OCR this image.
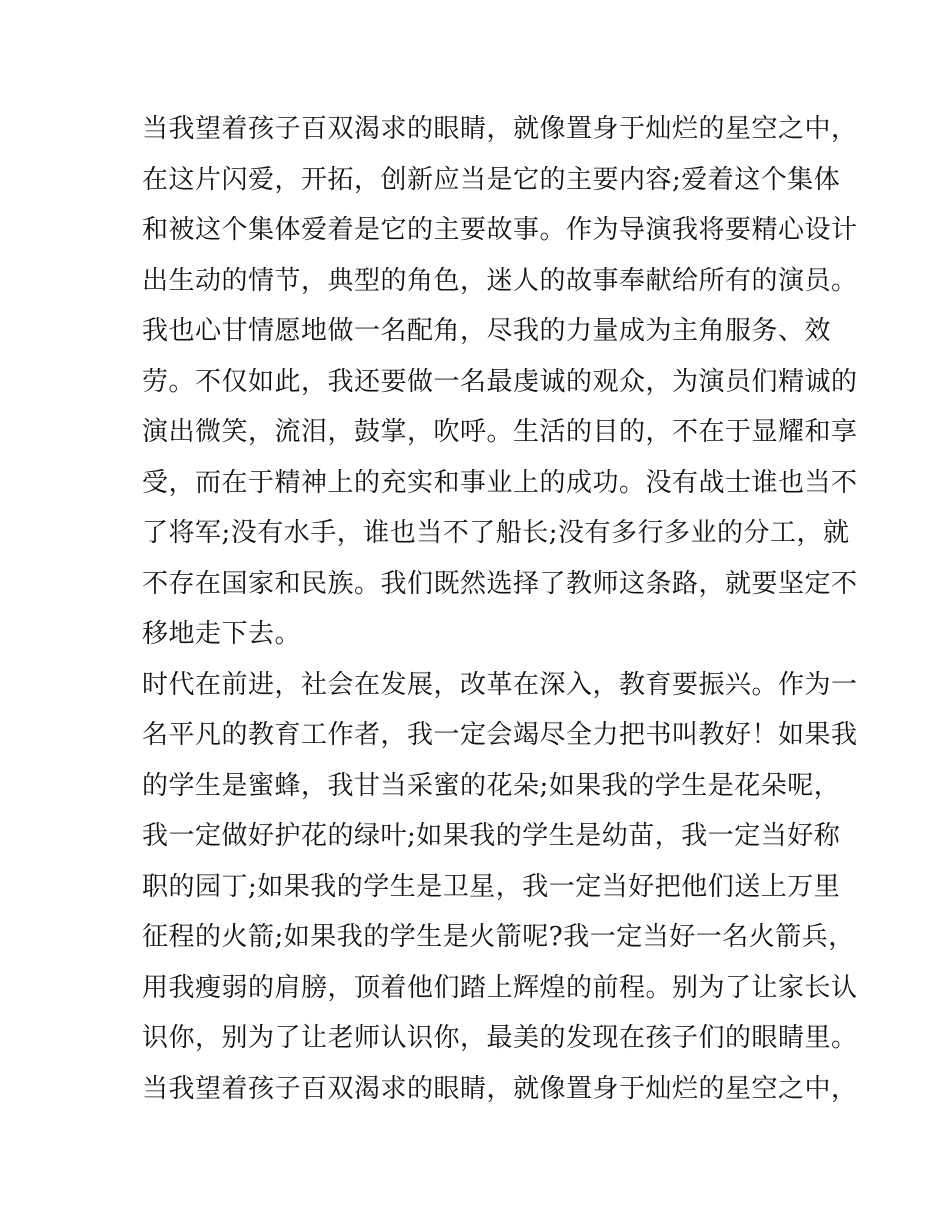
当我望着孩子百双渴求的眼睛，就像置身于灿烂的星空之中，
在这片闪爱，开拓，创新应当是它的主要内容;爱着这个集体
和被这个集体爱着是它的主要故事。作为导演我将要精心设计
出生动的情节，典型的角色，迷人的故事奉献给所有的演员。
我也心甘情愿地做一名配角，尽我的力量成为主角服务、效
劳。不仅如此，我还要做一名最虔诚的观众，为演员们精诚的
演出微笑，流泪，鼓掌，吹呼。生活的目的，不在于显耀和享
受，而在于精神上的充实和事业上的成功。没有战士谁也当不
了将军;没有水手，谁也当不了船长;没有多行多业的分工，就
不存在国家和民族。我们既然选择了教师这条路，就要坚定不
移地走下去。
时代在前进，社会在发展，改革在深入，教育要振兴。作为一
名平凡的教育工作者，我一定会竭尽全力把书叫教好！如果我
的学生是蜜蜂，我甘当采蜜的花朵;如果我的学生是花朵呢，
我一定做好护花的绿叶;如果我的学生是幼苗，我一定当好称
职的园丁;如果我的学生是卫星，我一定当好把他们送上万里
征程的火箭;如果我的学生是火箭呢?我一定当好一名火箭兵，
用我瘦弱的肩膀，顶着他们踏上辉煌的前程。别为了让家长认
识你，别为了让老师认识你，最美的发现在孩子们的眼睛里。
当我望着孩子百双渴求的眼睛，就像置身于灿烂的星空之中，
